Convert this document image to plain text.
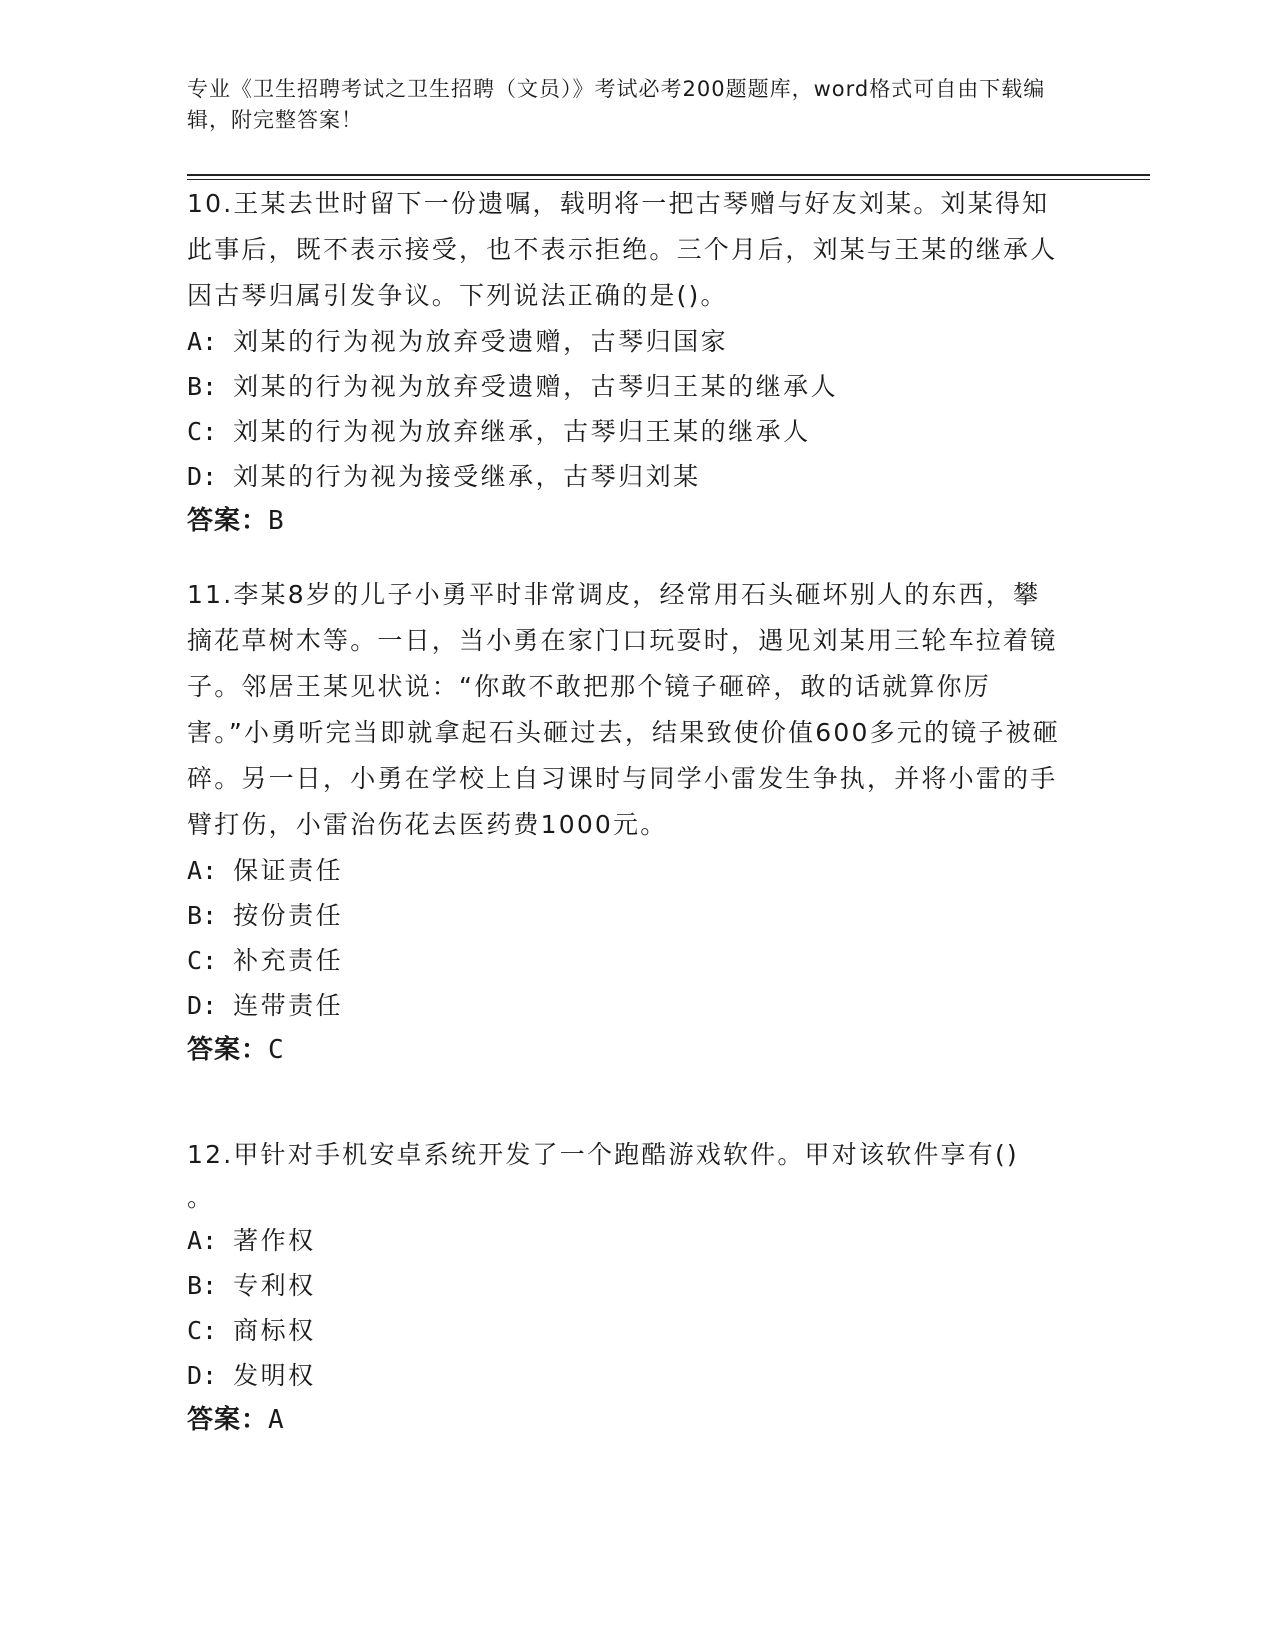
专业《卫生招聘考试之卫生招聘（文员）》考试必考200题题库，word格式可自由下载编辑，附完整答案！

10.王某去世时留下一份遗嘱，载明将一把古琴赠与好友刘某。刘某得知此事后，既不表示接受，也不表示拒绝。三个月后，刘某与王某的继承人因古琴归属引发争议。下列说法正确的是()。

A: 刘某的行为视为放弃受遗赠，古琴归国家

B: 刘某的行为视为放弃受遗赠，古琴归王某的继承人

C: 刘某的行为视为放弃继承，古琴归王某的继承人

D: 刘某的行为视为接受继承，古琴归刘某

答案：B

11.李某8岁的儿子小勇平时非常调皮，经常用石头砸坏别人的东西，攀摘花草树木等。一日，当小勇在家门口玩耍时，遇见刘某用三轮车拉着镜子。邻居王某见状说：“你敢不敢把那个镜子砸碎，敢的话就算你厉害。”小勇听完当即就拿起石头砸过去，结果致使价值600多元的镜子被砸碎。另一日，小勇在学校上自习课时与同学小雷发生争执，并将小雷的手臂打伤，小雷治伤花去医药费1000元。

A: 保证责任

B: 按份责任

C: 补充责任

D: 连带责任

答案：C

12.甲针对手机安卓系统开发了一个跑酷游戏软件。甲对该软件享有()

。

A: 著作权

B: 专利权

C: 商标权

D: 发明权

答案：A
